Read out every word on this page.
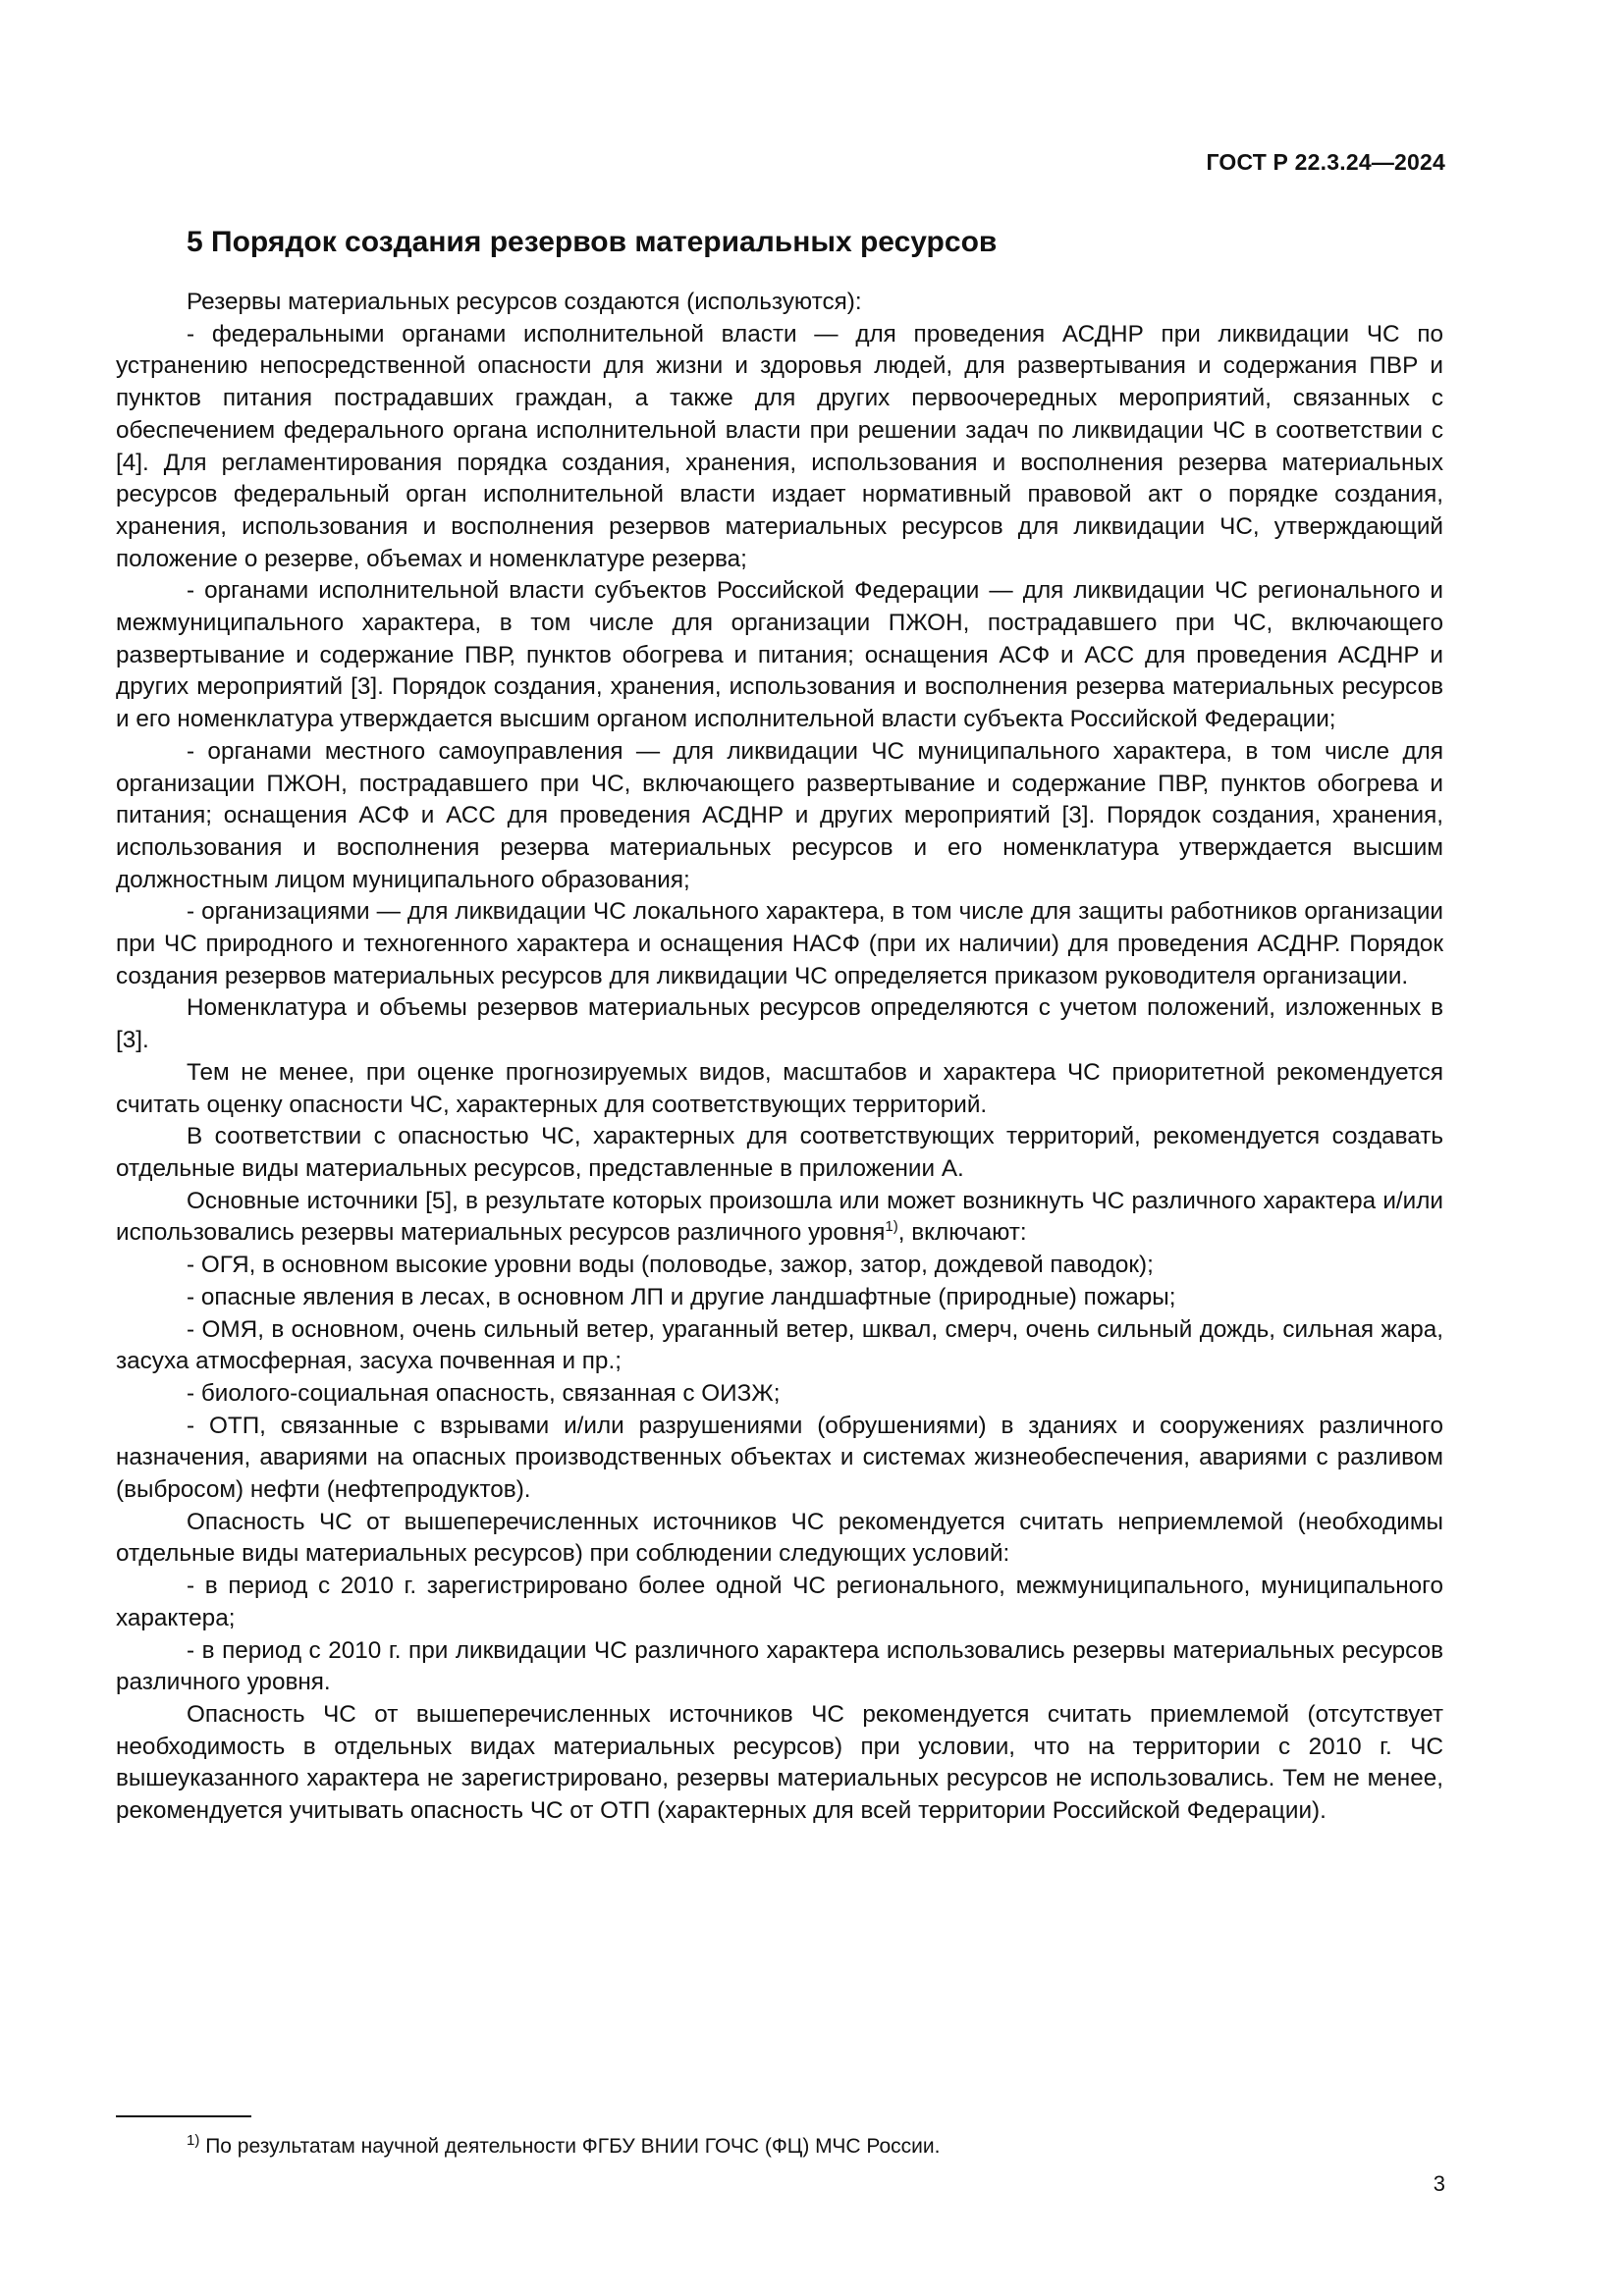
ГОСТ Р 22.3.24—2024
5 Порядок создания резервов материальных ресурсов

Резервы материальных ресурсов создаются (используются):

- федеральными органами исполнительной власти — для проведения АСДНР при ликвидации ЧС по устранению непосредственной опасности для жизни и здоровья людей, для развертывания и содержания ПВР и пунктов питания пострадавших граждан, а также для других первоочередных мероприятий, связанных с обеспечением федерального органа исполнительной власти при решении задач по ликвидации ЧС в соответствии с [4]. Для регламентирования порядка создания, хранения, использования и восполнения резерва материальных ресурсов федеральный орган исполнительной власти издает нормативный правовой акт о порядке создания, хранения, использования и восполнения резервов материальных ресурсов для ликвидации ЧС, утверждающий положение о резерве, объемах и номенклатуре резерва;

- органами исполнительной власти субъектов Российской Федерации — для ликвидации ЧС регионального и межмуниципального характера, в том числе для организации ПЖОН, пострадавшего при ЧС, включающего развертывание и содержание ПВР, пунктов обогрева и питания; оснащения АСФ и АСС для проведения АСДНР и других мероприятий [3]. Порядок создания, хранения, использования и восполнения резерва материальных ресурсов и его номенклатура утверждается высшим органом исполнительной власти субъекта Российской Федерации;

- органами местного самоуправления — для ликвидации ЧС муниципального характера, в том числе для организации ПЖОН, пострадавшего при ЧС, включающего развертывание и содержание ПВР, пунктов обогрева и питания; оснащения АСФ и АСС для проведения АСДНР и других мероприятий [3]. Порядок создания, хранения, использования и восполнения резерва материальных ресурсов и его номенклатура утверждается высшим должностным лицом муниципального образования;

- организациями — для ликвидации ЧС локального характера, в том числе для защиты работников организации при ЧС природного и техногенного характера и оснащения НАСФ (при их наличии) для проведения АСДНР. Порядок создания резервов материальных ресурсов для ликвидации ЧС определяется приказом руководителя организации.

Номенклатура и объемы резервов материальных ресурсов определяются с учетом положений, изложенных в [3].

Тем не менее, при оценке прогнозируемых видов, масштабов и характера ЧС приоритетной рекомендуется считать оценку опасности ЧС, характерных для соответствующих территорий.

В соответствии с опасностью ЧС, характерных для соответствующих территорий, рекомендуется создавать отдельные виды материальных ресурсов, представленные в приложении А.

Основные источники [5], в результате которых произошла или может возникнуть ЧС различного характера и/или использовались резервы материальных ресурсов различного уровня$^{1)}$, включают:

- ОГЯ, в основном высокие уровни воды (половодье, зажор, затор, дождевой паводок);

- опасные явления в лесах, в основном ЛП и другие ландшафтные (природные) пожары;

- ОМЯ, в основном, очень сильный ветер, ураганный ветер, шквал, смерч, очень сильный дождь, сильная жара, засуха атмосферная, засуха почвенная и пр.;

- биолого-социальная опасность, связанная с ОИЗЖ;

- ОТП, связанные с взрывами и/или разрушениями (обрушениями) в зданиях и сооружениях различного назначения, авариями на опасных производственных объектах и системах жизнеобеспечения, авариями с разливом (выбросом) нефти (нефтепродуктов).

Опасность ЧС от вышеперечисленных источников ЧС рекомендуется считать неприемлемой (необходимы отдельные виды материальных ресурсов) при соблюдении следующих условий:

- в период с 2010 г. зарегистрировано более одной ЧС регионального, межмуниципального, муниципального характера;

- в период с 2010 г. при ликвидации ЧС различного характера использовались резервы материальных ресурсов различного уровня.

Опасность ЧС от вышеперечисленных источников ЧС рекомендуется считать приемлемой (отсутствует необходимость в отдельных видах материальных ресурсов) при условии, что на территории с 2010 г. ЧС вышеуказанного характера не зарегистрировано, резервы материальных ресурсов не использовались. Тем не менее, рекомендуется учитывать опасность ЧС от ОТП (характерных для всей территории Российской Федерации).

$^{1)}$ По результатам научной деятельности ФГБУ ВНИИ ГОЧС (ФЦ) МЧС России.
3
